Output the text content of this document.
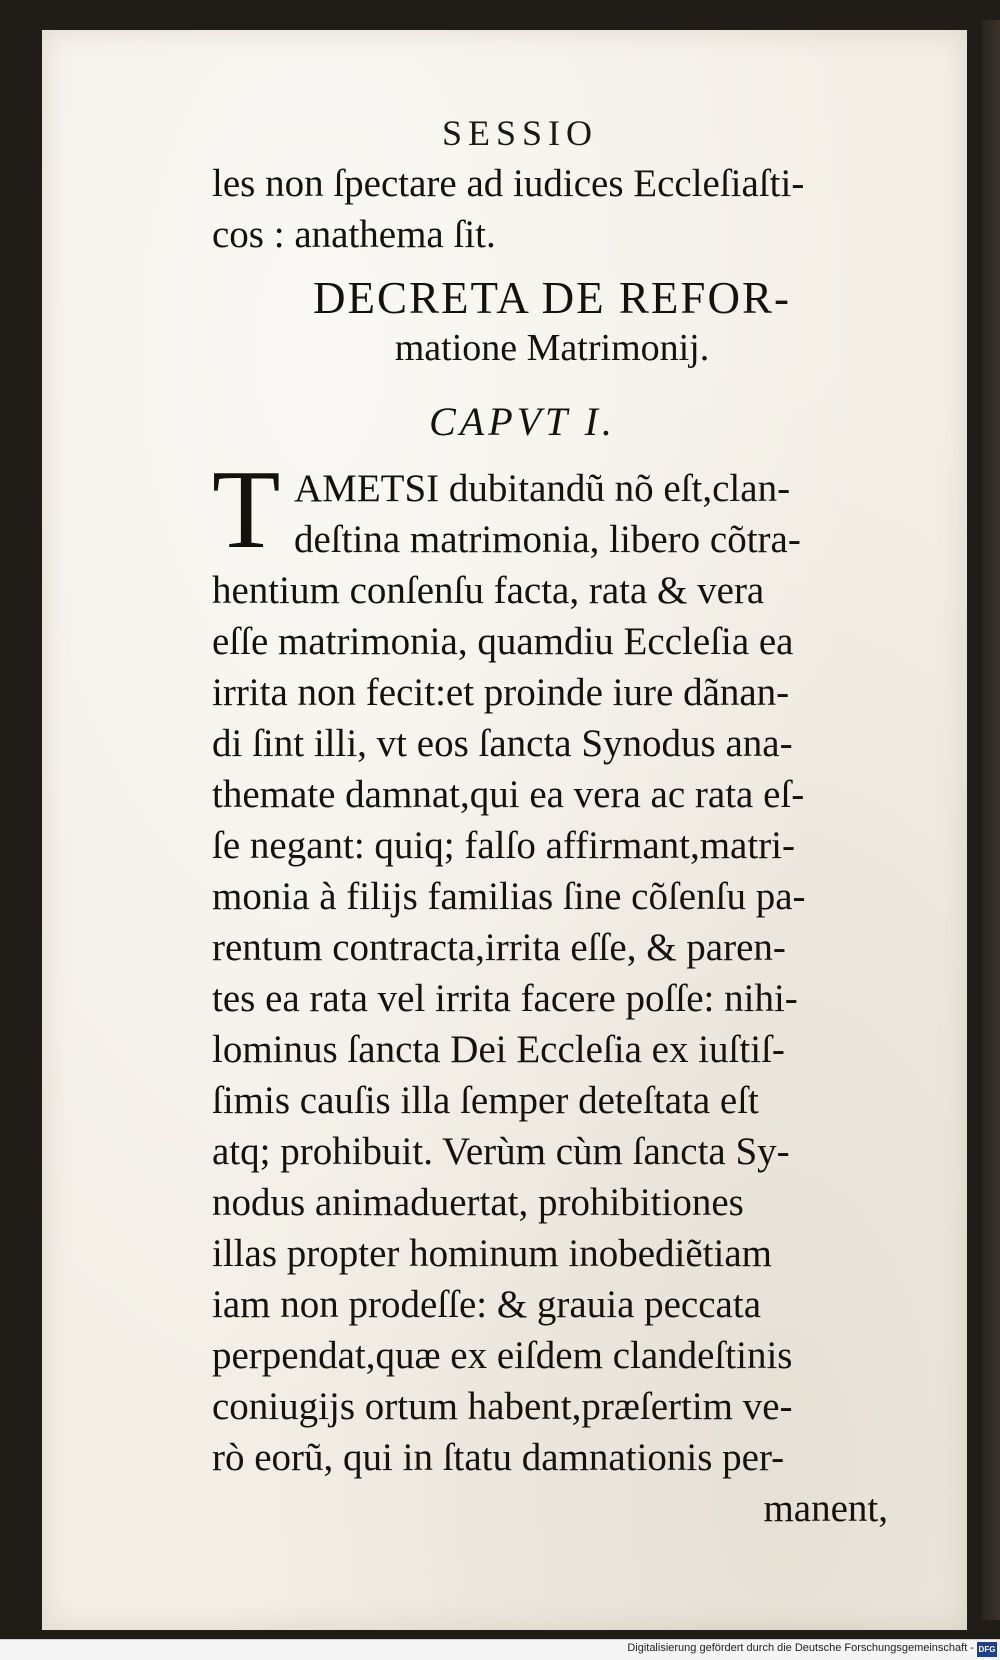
SESSIO
les non ſpectare ad iudices Eccleſiaſti-
cos : anathema ſit.
DECRETA DE REFOR-
matione Matrimonij.
CAPVT I.
T AMETSI dubitandũ nõ eſt,clan-
deſtina matrimonia, libero cõtra-
hentium conſenſu facta, rata & vera
eſſe matrimonia, quamdiu Eccleſia ea
irrita non fecit:et proinde iure dãnan-
di ſint illi, vt eos ſancta Synodus ana-
themate damnat,qui ea vera ac rata eſ-
ſe negant: quiq; falſo affirmant,matri-
monia à filijs familias ſine cõſenſu pa-
rentum contracta,irrita eſſe, & paren-
tes ea rata vel irrita facere poſſe: nihi-
lominus ſancta Dei Eccleſia ex iuſtiſ-
ſimis cauſis illa ſemper deteſtata eſt
atq; prohibuit. Verùm cùm ſancta Sy-
nodus animaduertat, prohibitiones
illas propter hominum inobediẽtiam
iam non prodeſſe: & grauia peccata
perpendat,quæ ex eiſdem clandeſtinis
coniugijs ortum habent,præſertim ve-
rò eorũ, qui in ſtatu damnationis per-
manent,
Digitalisierung gefördert durch die Deutsche Forschungsgemeinschaft - DFG
